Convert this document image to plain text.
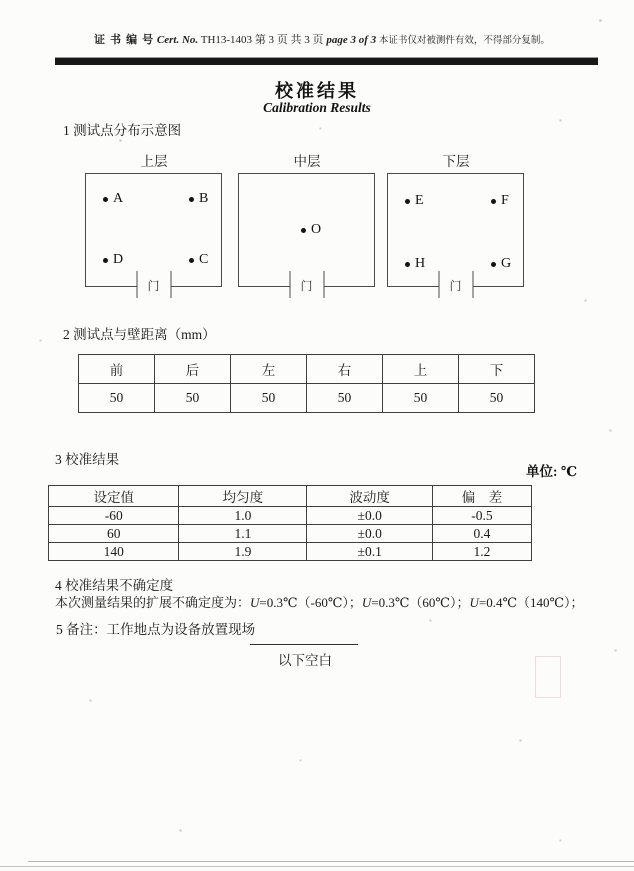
证 书 编 号 Cert. No. TH13-1403 第 3 页 共 3 页 page 3 of 3 本证书仅对被测件有效，不得部分复制。
校准结果
Calibration Results
1 测试点分布示意图
上层
A	B
D	C
门
中层
O
门
下层
E	F
H	G
门
2 测试点与壁距离（mm）
前	后	左	右	上	下
50	50	50	50	50	50
3 校准结果
单位: ℃
设定值	均匀度	波动度	偏　差
-60	1.0	±0.0	-0.5
60	1.1	±0.0	0.4
140	1.9	±0.1	1.2
4 校准结果不确定度
本次测量结果的扩展不确定度为：U=0.3℃（-60℃）；U=0.3℃（60℃）；U=0.4℃（140℃）；
5 备注：工作地点为设备放置现场
以下空白
